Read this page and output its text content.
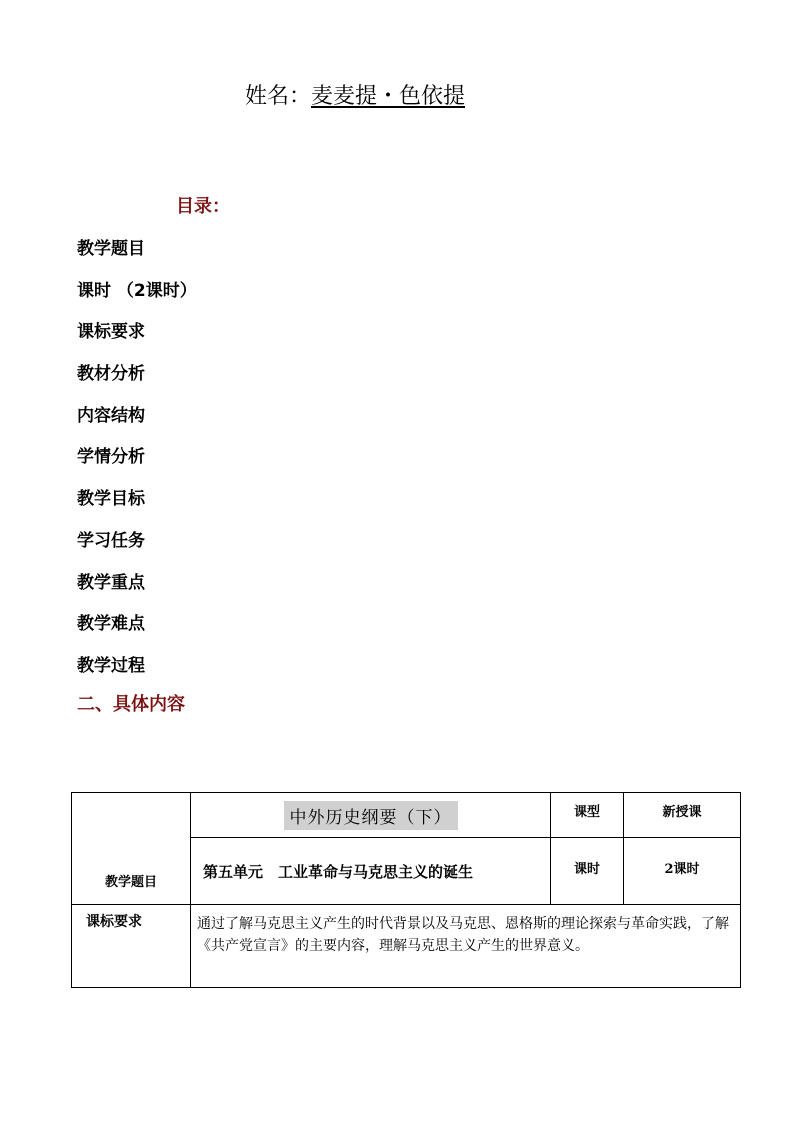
姓名：麦麦提・色依提
目录：
教学题目
课时 （2课时）
课标要求
教材分析
内容结构
学情分析
教学目标
学习任务
教学重点
教学难点
教学过程
二、具体内容
教学题目	中外历史纲要（下）	课型	新授课

	第五单元　工业革命与马克思主义的诞生	课时	2课时

课标要求	通过了解马克思主义产生的时代背景以及马克思、恩格斯的理论探索与革命实践，了解《共产党宣言》的主要内容，理解马克思主义产生的世界意义。		
